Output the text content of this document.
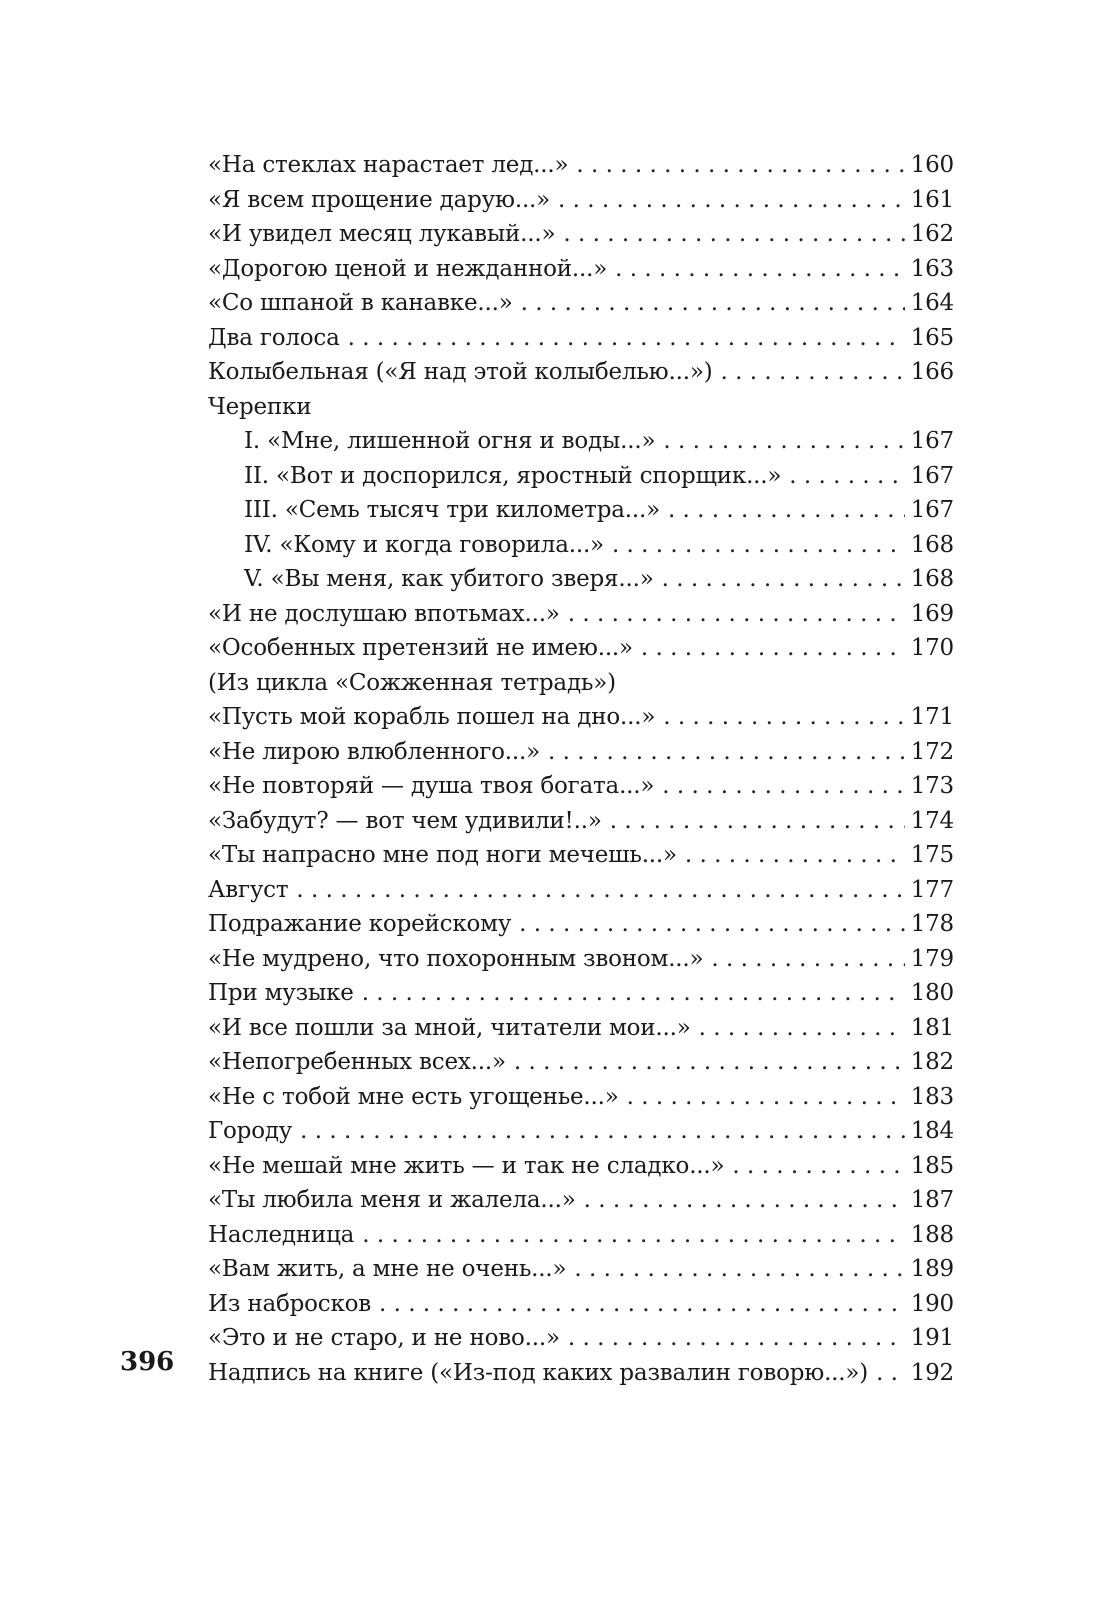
«На стеклах нарастает лед...» . . .	160
«Я всем прощение дарую...» . . .	161
«И увидел месяц лукавый...» . . .	162
«Дорогою ценой и нежданной...» . . .	163
«Со шпаной в канавке...» . . .	164
Два голоса . . .	165
Колыбельная («Я над этой колыбелью...») . . .	166
Черепки
I. «Мне, лишенной огня и воды...» . . .	167
II. «Вот и доспорился, яростный спорщик...» . . .	167
III. «Семь тысяч три километра...» . . .	167
IV. «Кому и когда говорила...» . . .	168
V. «Вы меня, как убитого зверя...» . . .	168
«И не дослушаю впотьмах...» . . .	169
«Особенных претензий не имею...» . . .	170
(Из цикла «Сожженная тетрадь»)
«Пусть мой корабль пошел на дно...» . . .	171
«Не лирою влюбленного...» . . .	172
«Не повторяй — душа твоя богата...» . . .	173
«Забудут? — вот чем удивили!..» . . .	174
«Ты напрасно мне под ноги мечешь...» . . .	175
Август . . .	177
Подражание корейскому . . .	178
«Не мудрено, что похоронным звоном...» . . .	179
При музыке . . .	180
«И все пошли за мной, читатели мои...» . . .	181
«Непогребенных всех...» . . .	182
«Не с тобой мне есть угощенье...» . . .	183
Городу . . .	184
«Не мешай мне жить — и так не сладко...» . . .	185
«Ты любила меня и жалела...» . . .	187
Наследница . . .	188
«Вам жить, а мне не очень...» . . .	189
Из набросков . . .	190
«Это и не старо, и не ново...» . . .	191
Надпись на книге («Из-под каких развалин говорю...») . . . 192
396
